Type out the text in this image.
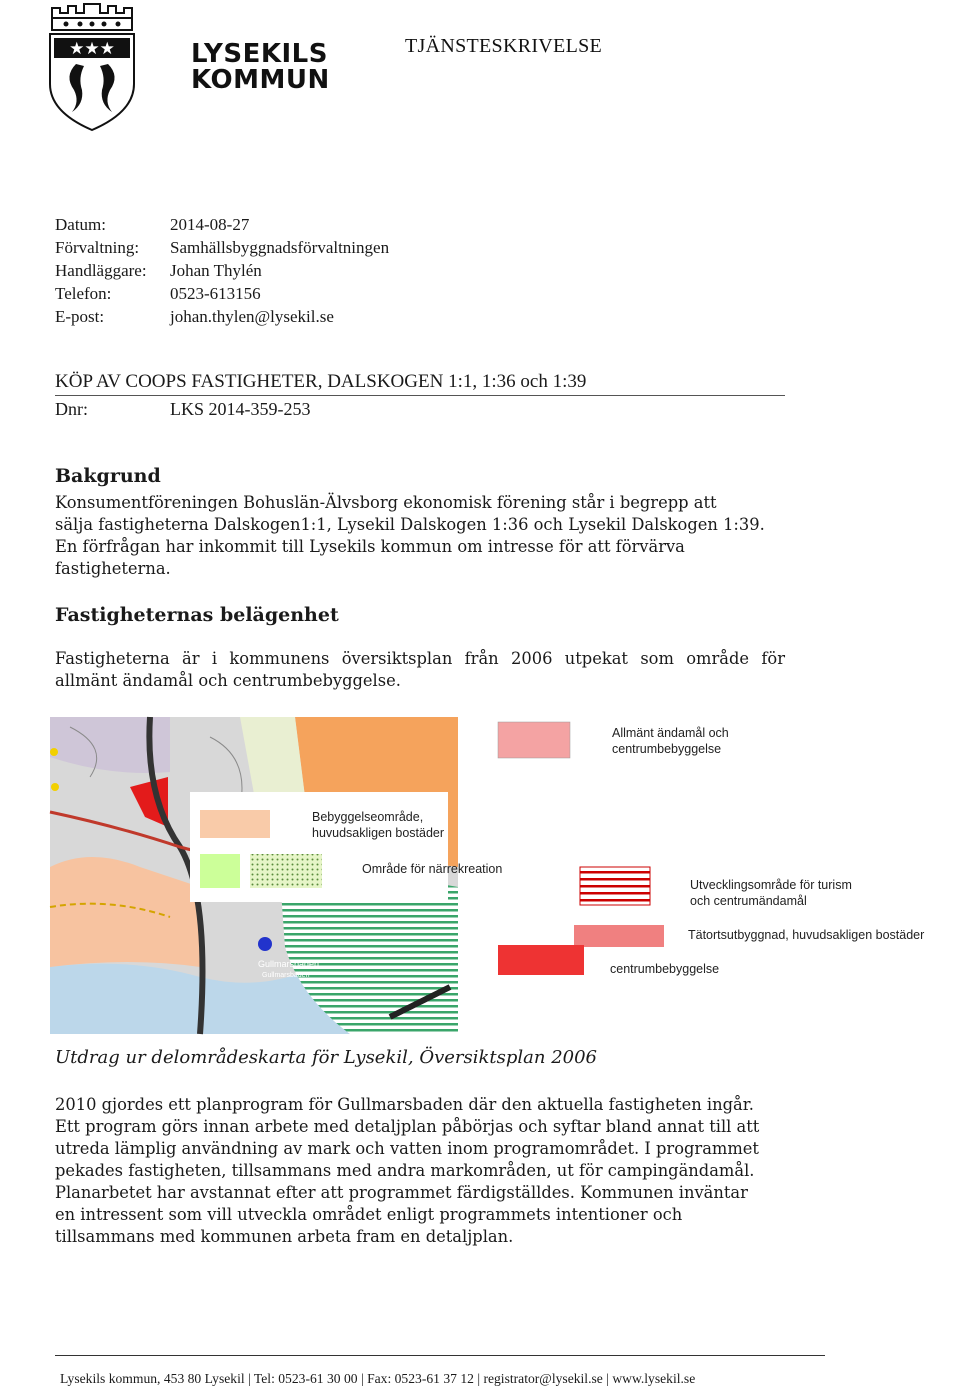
★★★	LYSEKILS
KOMMUN
TJÄNSTESKRIVELSE
Datum:	2014-08-27
Förvaltning: Samhällsbyggnadsförvaltningen
Handläggare: Johan Thylén
Telefon:	0523-613156
E-post:	johan.thylen@lysekil.se
KÖP AV COOPS FASTIGHETER, DALSKOGEN 1:1, 1:36 och 1:39
Dnr:	LKS 2014-359-253
Bakgrund
Konsumentföreningen Bohuslän-Älvsborg ekonomisk förening står i begrepp att
sälja fastigheterna Dalskogen1:1, Lysekil Dalskogen 1:36 och Lysekil Dalskogen 1:39.
En förfrågan har inkommit till Lysekils kommun om intresse för att förvärva
fastigheterna.
Fastigheternas belägenhet
Fastigheterna är i kommunens översiktsplan från 2006 utpekat som område för
allmänt ändamål och centrumbebyggelse.
Gullmarsbaden
Gullmarsbaden
Bebyggelseområde,
huvudsakligen bostäder
Område för närrekreation
Allmänt ändamål och
centrumbebyggelse
Utvecklingsområde för turism
och centrumändamål
Tätortsutbyggnad, huvudsakligen bostäder
centrumbebyggelse
Utdrag ur delområdeskarta för Lysekil, Översiktsplan 2006
2010 gjordes ett planprogram för Gullmarsbaden där den aktuella fastigheten ingår.
Ett program görs innan arbete med detaljplan påbörjas och syftar bland annat till att
utreda lämplig användning av mark och vatten inom programområdet. I programmet
pekades fastigheten, tillsammans med andra markområden, ut för campingändamål.
Planarbetet har avstannat efter att programmet färdigställdes. Kommunen inväntar
en intressent som vill utveckla området enligt programmets intentioner och
tillsammans med kommunen arbeta fram en detaljplan.
Lysekils kommun, 453 80 Lysekil | Tel: 0523-61 30 00 | Fax: 0523-61 37 12 | registrator@lysekil.se | www.lysekil.se
